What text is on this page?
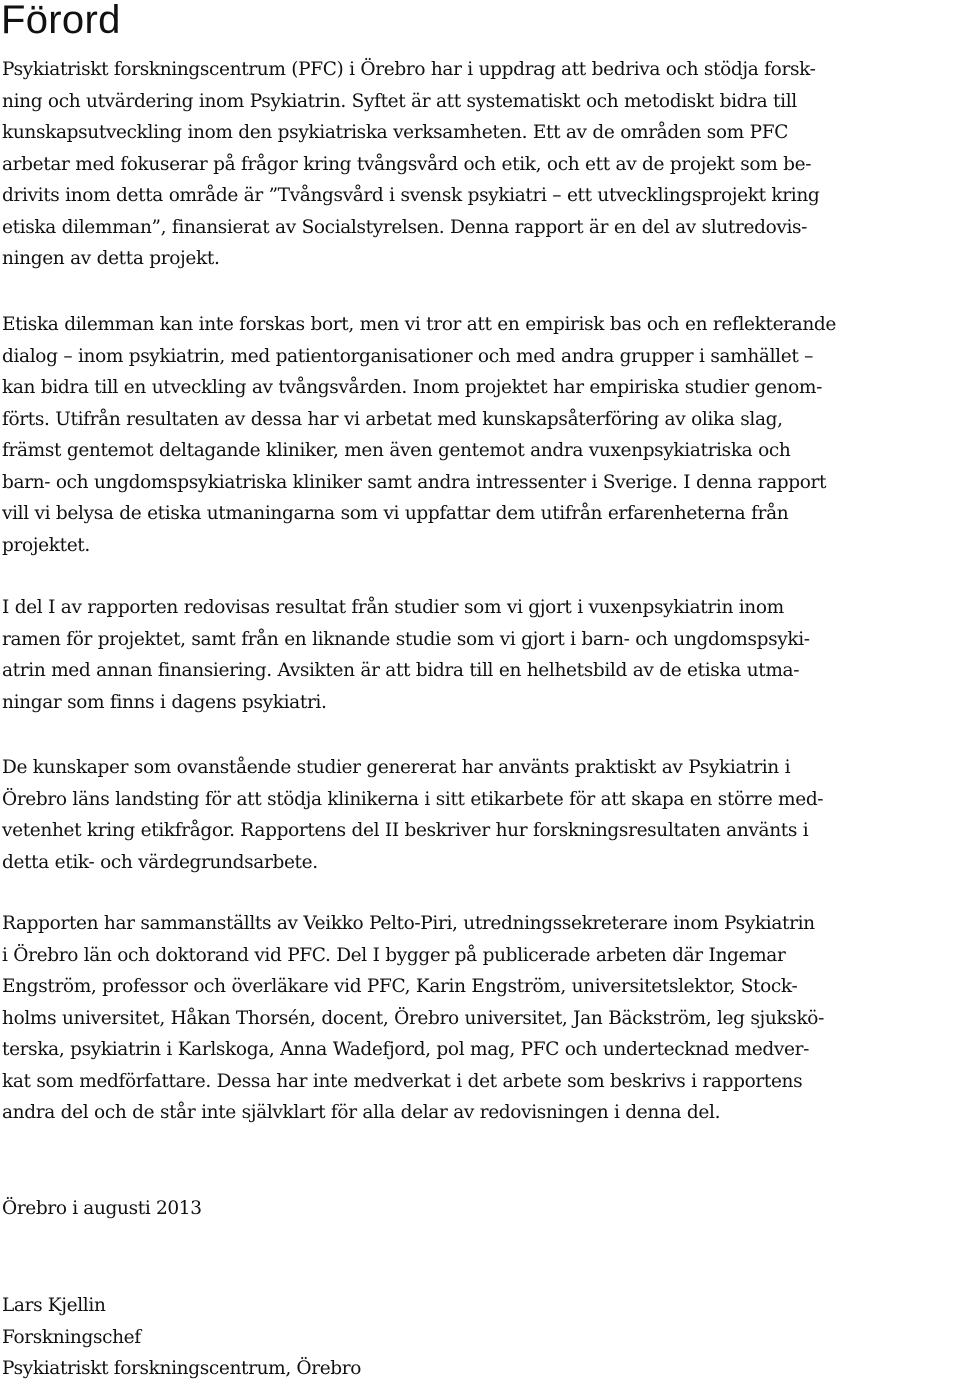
Förord

Psykiatriskt forskningscentrum (PFC) i Örebro har i uppdrag att bedriva och stödja forsk-
ning och utvärdering inom Psykiatrin. Syftet är att systematiskt och metodiskt bidra till
kunskapsutveckling inom den psykiatriska verksamheten. Ett av de områden som PFC
arbetar med fokuserar på frågor kring tvångsvård och etik, och ett av de projekt som be-
drivits inom detta område är ”Tvångsvård i svensk psykiatri – ett utvecklingsprojekt kring
etiska dilemman”, finansierat av Socialstyrelsen. Denna rapport är en del av slutredovis-
ningen av detta projekt.

Etiska dilemman kan inte forskas bort, men vi tror att en empirisk bas och en reflekterande
dialog – inom psykiatrin, med patientorganisationer och med andra grupper i samhället –
kan bidra till en utveckling av tvångsvården. Inom projektet har empiriska studier genom-
förts. Utifrån resultaten av dessa har vi arbetat med kunskapsåterföring av olika slag,
främst gentemot deltagande kliniker, men även gentemot andra vuxenpsykiatriska och
barn- och ungdomspsykiatriska kliniker samt andra intressenter i Sverige. I denna rapport
vill vi belysa de etiska utmaningarna som vi uppfattar dem utifrån erfarenheterna från
projektet.

I del I av rapporten redovisas resultat från studier som vi gjort i vuxenpsykiatrin inom
ramen för projektet, samt från en liknande studie som vi gjort i barn- och ungdomspsyki-
atrin med annan finansiering. Avsikten är att bidra till en helhetsbild av de etiska utma-
ningar som finns i dagens psykiatri.

De kunskaper som ovanstående studier genererat har använts praktiskt av Psykiatrin i
Örebro läns landsting för att stödja klinikerna i sitt etikarbete för att skapa en större med-
vetenhet kring etikfrågor. Rapportens del II beskriver hur forskningsresultaten använts i
detta etik- och värdegrundsarbete.

Rapporten har sammanställts av Veikko Pelto-Piri, utredningssekreterare inom Psykiatrin
i Örebro län och doktorand vid PFC. Del I bygger på publicerade arbeten där Ingemar
Engström, professor och överläkare vid PFC, Karin Engström, universitetslektor, Stock-
holms universitet, Håkan Thorsén, docent, Örebro universitet, Jan Bäckström, leg sjukskö-
terska, psykiatrin i Karlskoga, Anna Wadefjord, pol mag, PFC och undertecknad medver-
kat som medförfattare. Dessa har inte medverkat i det arbete som beskrivs i rapportens
andra del och de står inte självklart för alla delar av redovisningen i denna del.

Örebro i augusti 2013

Lars Kjellin
Forskningschef
Psykiatriskt forskningscentrum, Örebro
